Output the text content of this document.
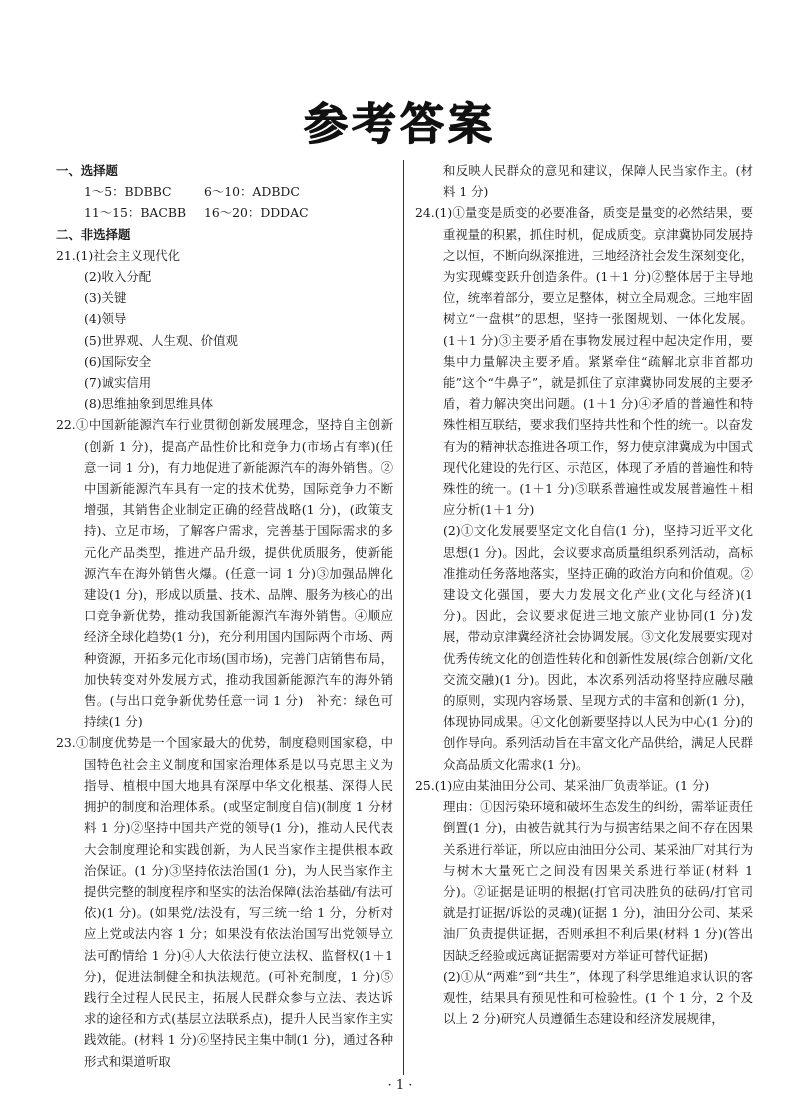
参考答案

一、选择题

1～5：BDBBC	6～10：ADBDC
11～15：BACBB	16～20：DDDAC

二、非选择题

21.(1)社会主义现代化

(2)收入分配

(3)关键

(4)领导

(5)世界观、人生观、价值观

(6)国际安全

(7)诚实信用

(8)思维抽象到思维具体

22.①中国新能源汽车行业贯彻创新发展理念，坚持自主创新(创新 1 分)，提高产品性价比和竞争力(市场占有率)(任意一词 1 分)，有力地促进了新能源汽车的海外销售。②中国新能源汽车具有一定的技术优势，国际竞争力不断增强，其销售企业制定正确的经营战略(1 分)，(政策支持)、立足市场，了解客户需求，完善基于国际需求的多元化产品类型，推进产品升级，提供优质服务，使新能源汽车在海外销售火爆。(任意一词 1 分)③加强品牌化建设(1 分)，形成以质量、技术、品牌、服务为核心的出口竞争新优势，推动我国新能源汽车海外销售。④顺应经济全球化趋势(1 分)，充分利用国内国际两个市场、两种资源，开拓多元化市场(国市场)，完善门店销售布局，加快转变对外发展方式，推动我国新能源汽车的海外销售。(与出口竞争新优势任意一词 1 分)　补充：绿色可持续(1 分)

23.①制度优势是一个国家最大的优势，制度稳则国家稳，中国特色社会主义制度和国家治理体系是以马克思主义为指导、植根中国大地具有深厚中华文化根基、深得人民拥护的制度和治理体系。(或坚定制度自信)(制度 1 分材料 1 分)②坚持中国共产党的领导(1 分)，推动人民代表大会制度理论和实践创新，为人民当家作主提供根本政治保证。(1 分)③坚持依法治国(1 分)，为人民当家作主提供完整的制度程序和坚实的法治保障(法治基础/有法可依)(1 分)。(如果党/法没有，写三统一给 1 分，分析对应上党或法内容 1 分；如果没有依法治国写出党领导立法可酌情给 1 分)④人大依法行使立法权、监督权(1＋1 分)，促进法制健全和执法规范。(可补充制度，1 分)⑤践行全过程人民民主，拓展人民群众参与立法、表达诉求的途径和方式(基层立法联系点)，提升人民当家作主实践效能。(材料 1 分)⑥坚持民主集中制(1 分)，通过各种形式和渠道听取

和反映人民群众的意见和建议，保障人民当家作主。(材料 1 分)

24.(1)①量变是质变的必要准备，质变是量变的必然结果，要重视量的积累，抓住时机，促成质变。京津冀协同发展持之以恒，不断向纵深推进，三地经济社会发生深刻变化，为实现蝶变跃升创造条件。(1＋1 分)②整体居于主导地位，统率着部分，要立足整体，树立全局观念。三地牢固树立“一盘棋”的思想，坚持一张图规划、一体化发展。(1＋1 分)③主要矛盾在事物发展过程中起决定作用，要集中力量解决主要矛盾。紧紧牵住“疏解北京非首都功能”这个“牛鼻子”，就是抓住了京津冀协同发展的主要矛盾，着力解决突出问题。(1＋1 分)④矛盾的普遍性和特殊性相互联结，要求我们坚持共性和个性的统一。以奋发有为的精神状态推进各项工作，努力使京津冀成为中国式现代化建设的先行区、示范区，体现了矛盾的普遍性和特殊性的统一。(1＋1 分)⑤联系普遍性或发展普遍性＋相应分析(1＋1 分)

(2)①文化发展要坚定文化自信(1 分)，坚持习近平文化思想(1 分)。因此，会议要求高质量组织系列活动，高标准推动任务落地落实，坚持正确的政治方向和价值观。②建设文化强国，要大力发展文化产业(文化与经济)(1 分)。因此，会议要求促进三地文旅产业协同(1 分)发展，带动京津冀经济社会协调发展。③文化发展要实现对优秀传统文化的创造性转化和创新性发展(综合创新/文化交流交融)(1 分)。因此，本次系列活动将坚持应融尽融的原则，实现内容场景、呈现方式的丰富和创新(1 分)，体现协同成果。④文化创新要坚持以人民为中心(1 分)的创作导向。系列活动旨在丰富文化产品供给，满足人民群众高品质文化需求(1 分)。

25.(1)应由某油田分公司、某采油厂负责举证。(1 分)

理由：①因污染环境和破坏生态发生的纠纷，需举证责任倒置(1 分)，由被告就其行为与损害结果之间不存在因果关系进行举证，所以应由油田分公司、某采油厂对其行为与树木大量死亡之间没有因果关系进行举证(材料 1 分)。②证据是证明的根据(打官司决胜负的砝码/打官司就是打证据/诉讼的灵魂)(证据 1 分)，油田分公司、某采油厂负责提供证据，否则承担不利后果(材料 1 分)(答出因缺乏经验或远离证据需要对方举证可替代证据)

(2)①从“两难”到“共生”，体现了科学思维追求认识的客观性，结果具有预见性和可检验性。(1 个 1 分，2 个及以上 2 分)研究人员遵循生态建设和经济发展规律，

· 1 ·
